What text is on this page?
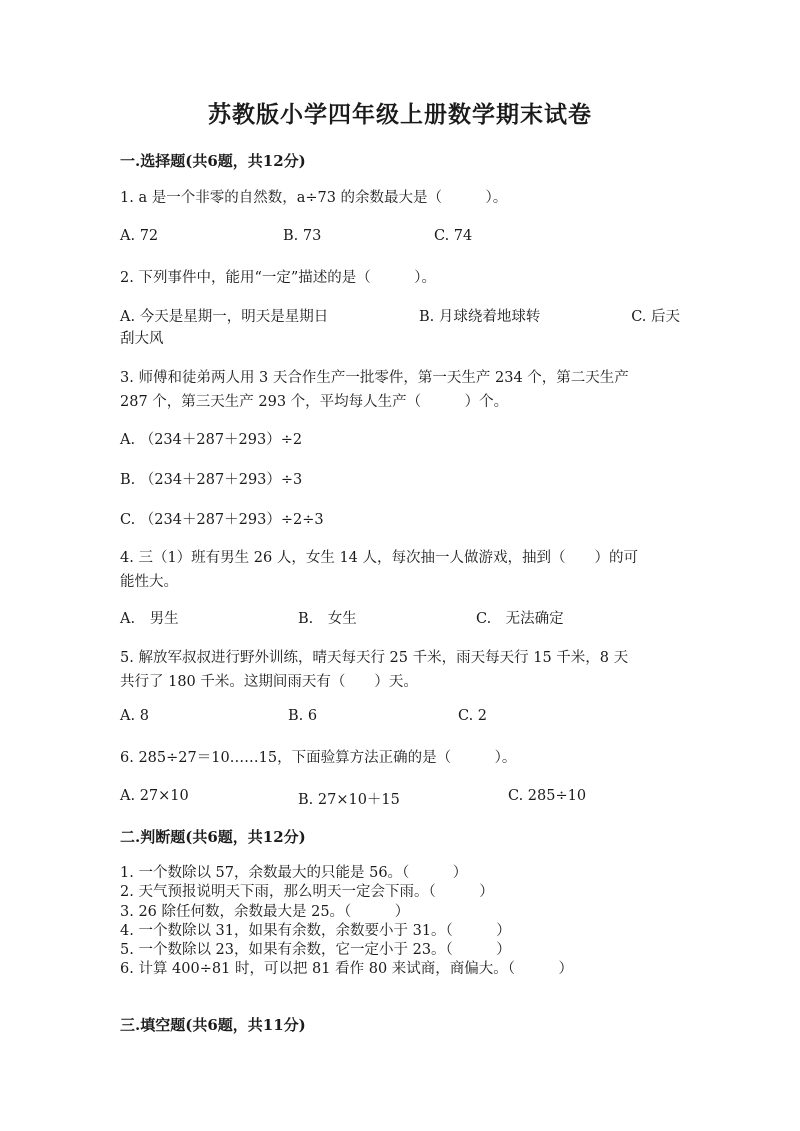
苏教版小学四年级上册数学期末试卷
一.选择题(共6题，共12分)
1. a 是一个非零的自然数，a÷73 的余数最大是（　　　）。
A. 72	B. 73	C. 74
2. 下列事件中，能用“一定”描述的是（　　　）。
A. 今天是星期一，明天是星期日	B. 月球绕着地球转	C. 后天
刮大风
3. 师傅和徒弟两人用 3 天合作生产一批零件，第一天生产 234 个，第二天生产
287 个，第三天生产 293 个，平均每人生产（　　　）个。
A. （234＋287＋293）÷2
B. （234＋287＋293）÷3
C. （234＋287＋293）÷2÷3
4. 三（1）班有男生 26 人，女生 14 人，每次抽一人做游戏，抽到（　　）的可
能性大。
A.　男生	B.　女生	C.　无法确定
5. 解放军叔叔进行野外训练，晴天每天行 25 千米，雨天每天行 15 千米，8 天
共行了 180 千米。这期间雨天有（　　）天。
A. 8	B. 6	C. 2
6. 285÷27＝10……15，下面验算方法正确的是（　　　）。
A. 27×10	B. 27×10＋15	C. 285÷10
二.判断题(共6题，共12分)
1. 一个数除以 57，余数最大的只能是 56。（　　　）
2. 天气预报说明天下雨，那么明天一定会下雨。（　　　）
3. 26 除任何数，余数最大是 25。（　　　）
4. 一个数除以 31，如果有余数，余数要小于 31。（　　　）
5. 一个数除以 23，如果有余数，它一定小于 23。（　　　）
6. 计算 400÷81 时，可以把 81 看作 80 来试商，商偏大。（　　　）
三.填空题(共6题，共11分)
